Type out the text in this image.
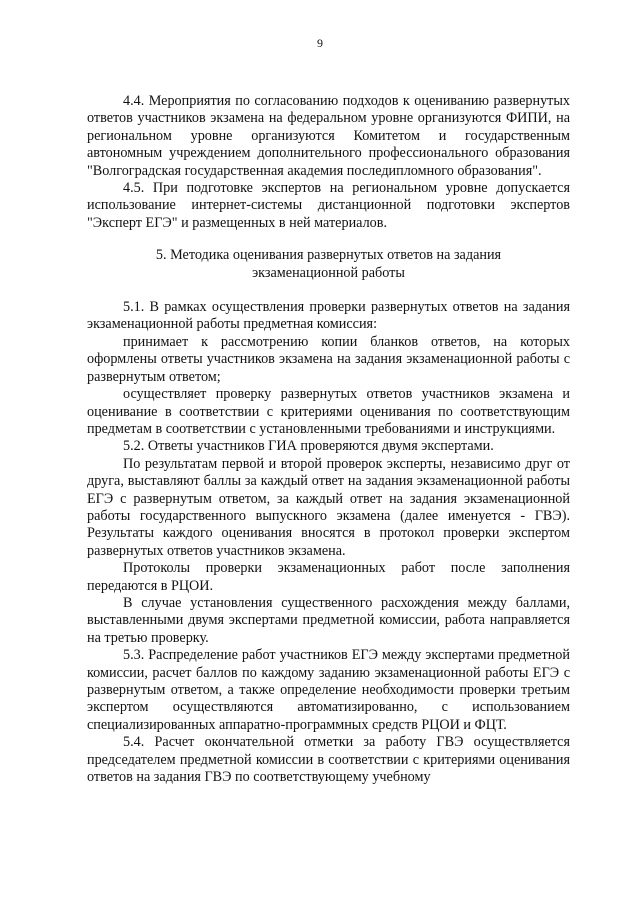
9

4.4. Мероприятия по согласованию подходов к оцениванию развернутых ответов участников экзамена на федеральном уровне организуются ФИПИ, на региональном уровне организуются Комитетом и государственным автономным учреждением дополнительного профессионального образования "Волгоградская государственная академия последипломного образования".

4.5. При подготовке экспертов на региональном уровне допускается использование интернет-системы дистанционной подготовки экспертов "Эксперт ЕГЭ" и размещенных в ней материалов.

5. Методика оценивания развернутых ответов на задания
экзаменационной работы

5.1. В рамках осуществления проверки развернутых ответов на задания экзаменационной работы предметная комиссия:

принимает к рассмотрению копии бланков ответов, на которых оформлены ответы участников экзамена на задания экзаменационной работы с развернутым ответом;

осуществляет проверку развернутых ответов участников экзамена и оценивание в соответствии с критериями оценивания по соответствующим предметам в соответствии с установленными требованиями и инструкциями.

5.2. Ответы участников ГИА проверяются двумя экспертами.

По результатам первой и второй проверок эксперты, независимо друг от друга, выставляют баллы за каждый ответ на задания экзаменационной работы ЕГЭ с развернутым ответом, за каждый ответ на задания экзаменационной работы государственного выпускного экзамена (далее именуется - ГВЭ). Результаты каждого оценивания вносятся в протокол проверки экспертом развернутых ответов участников экзамена.

Протоколы проверки экзаменационных работ после заполнения передаются в РЦОИ.

В случае установления существенного расхождения между баллами, выставленными двумя экспертами предметной комиссии, работа направляется на третью проверку.

5.3. Распределение работ участников ЕГЭ между экспертами предметной комиссии, расчет баллов по каждому заданию экзаменационной работы ЕГЭ с развернутым ответом, а также определение необходимости проверки третьим экспертом осуществляются автоматизированно, с использованием специализированных аппаратно-программных средств РЦОИ и ФЦТ.

5.4. Расчет окончательной отметки за работу ГВЭ осуществляется председателем предметной комиссии в соответствии с критериями оценивания ответов на задания ГВЭ по соответствующему учебному
